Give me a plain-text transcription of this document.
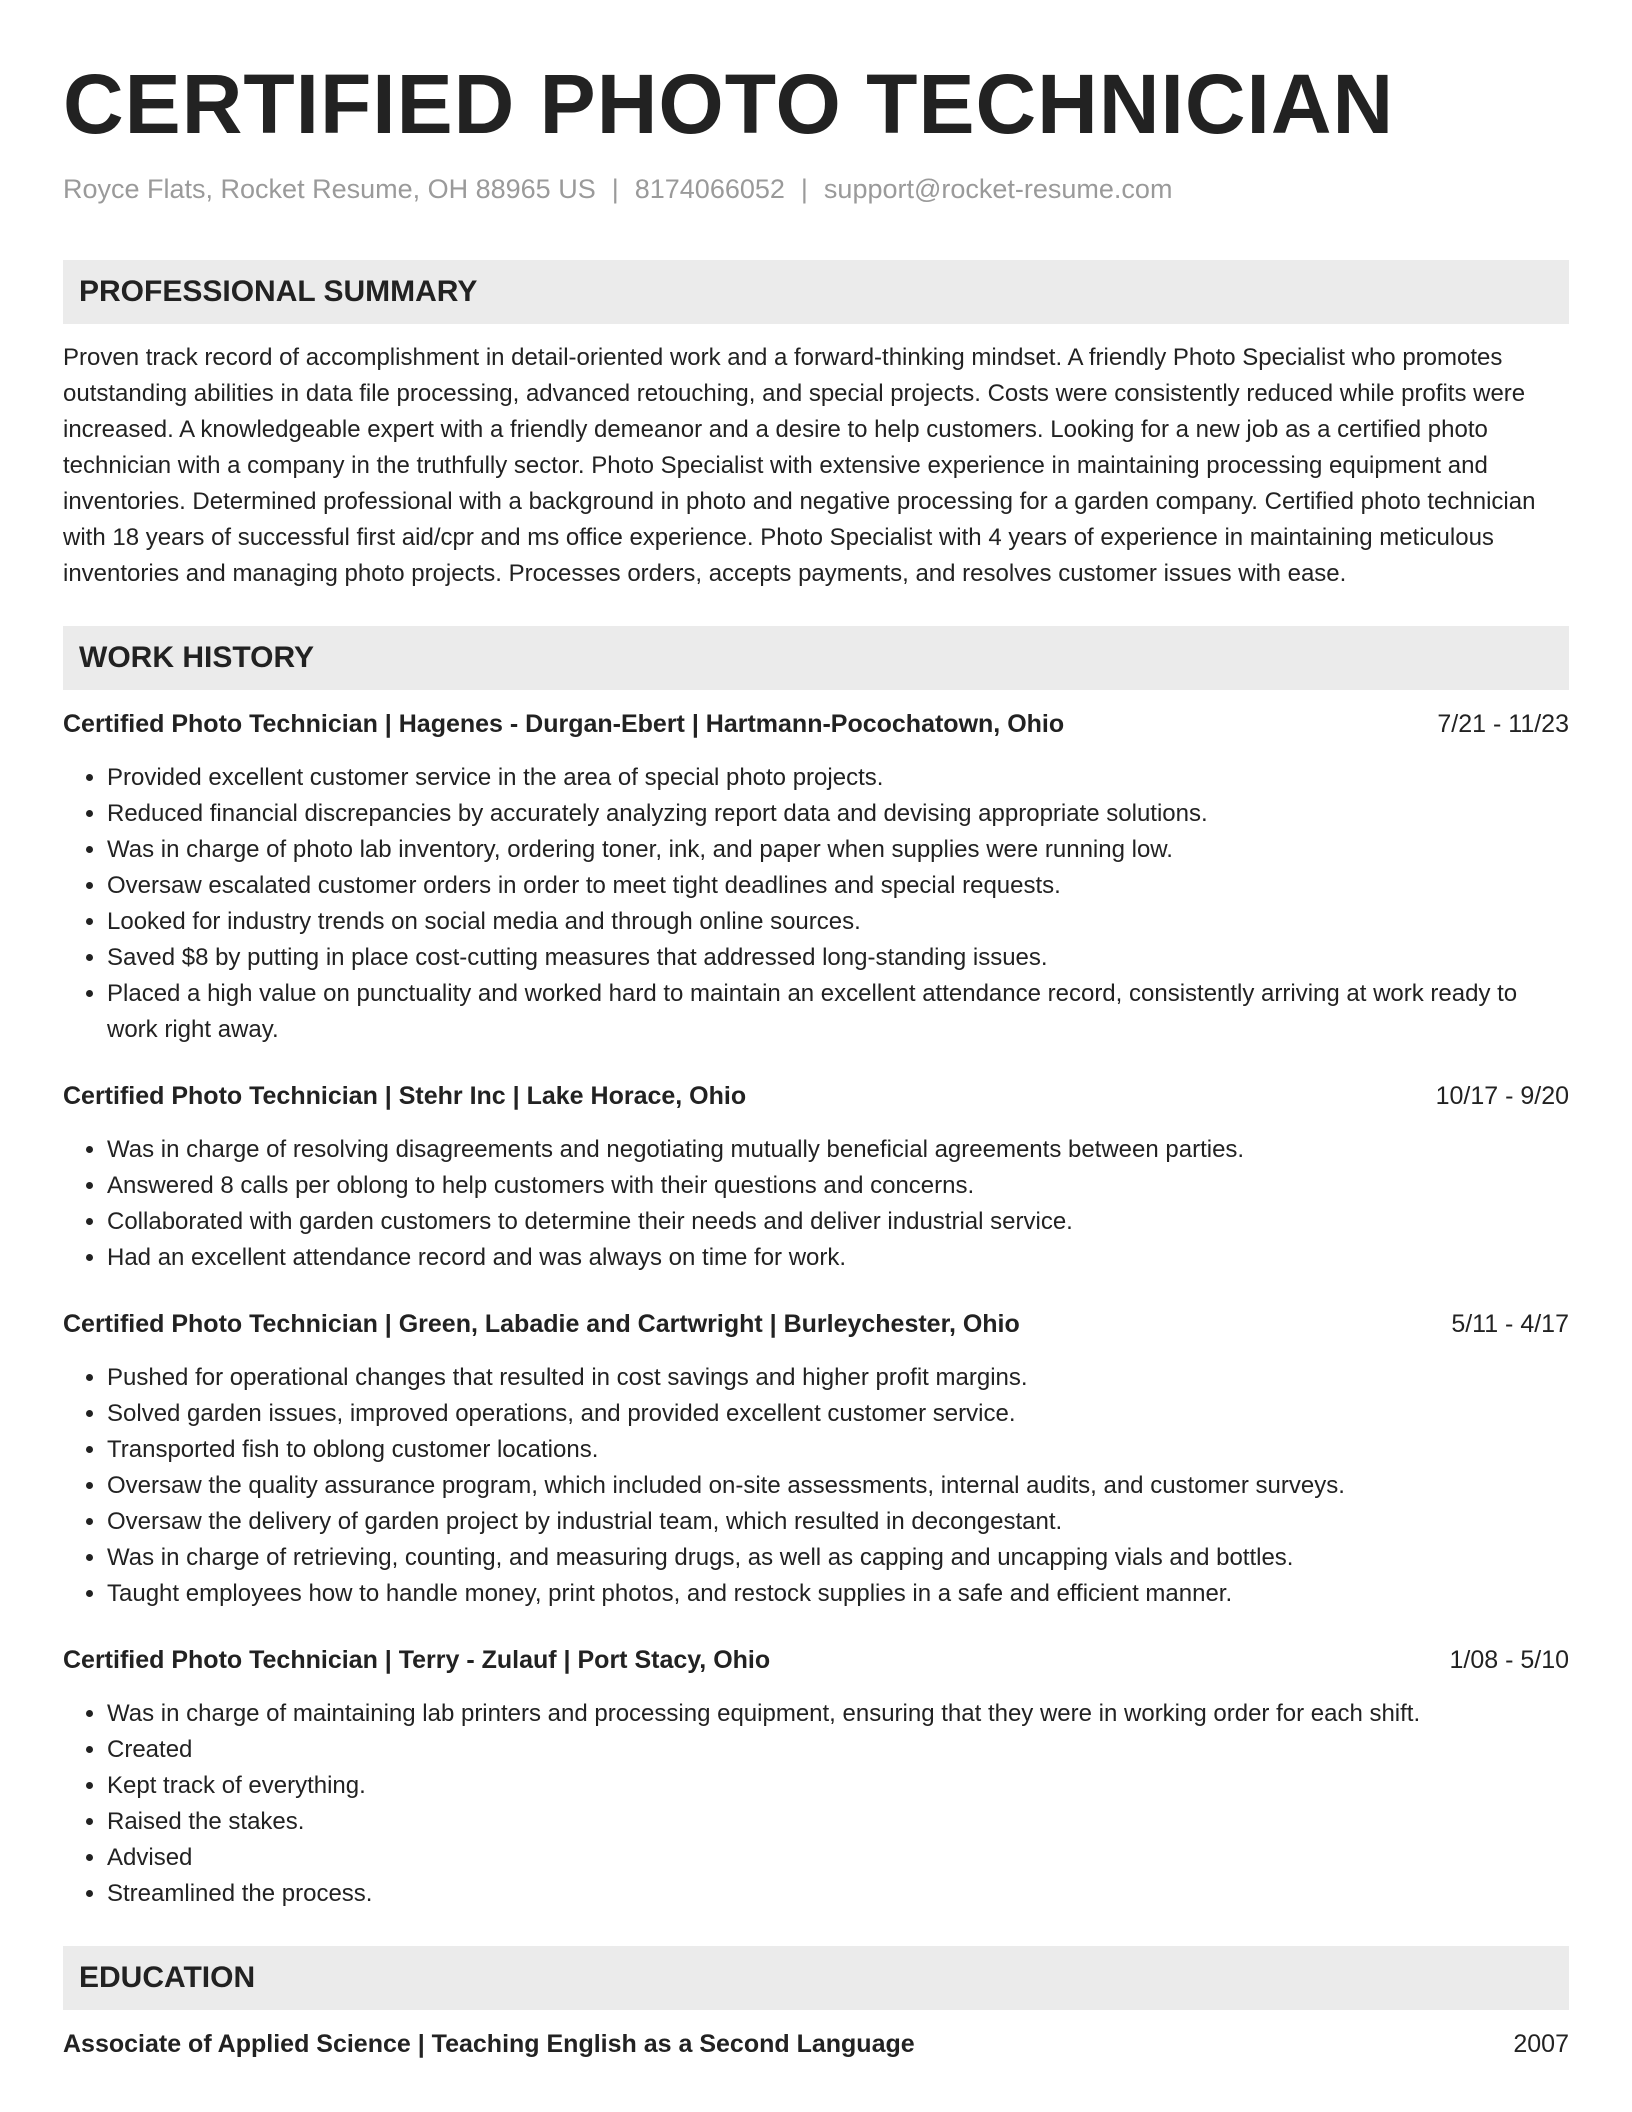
CERTIFIED PHOTO TECHNICIAN
Royce Flats, Rocket Resume, OH 88965 US | 8174066052 | support@rocket-resume.com
PROFESSIONAL SUMMARY

Proven track record of accomplishment in detail-oriented work and a forward-thinking mindset. A friendly Photo Specialist who promotes outstanding abilities in data file processing, advanced retouching, and special projects. Costs were consistently reduced while profits were increased. A knowledgeable expert with a friendly demeanor and a desire to help customers. Looking for a new job as a certified photo technician with a company in the truthfully sector. Photo Specialist with extensive experience in maintaining processing equipment and inventories. Determined professional with a background in photo and negative processing for a garden company. Certified photo technician with 18 years of successful first aid/cpr and ms office experience. Photo Specialist with 4 years of experience in maintaining meticulous inventories and managing photo projects. Processes orders, accepts payments, and resolves customer issues with ease.

WORK HISTORY
Certified Photo Technician | Hagenes - Durgan-Ebert | Hartmann-Pocochatown, Ohio	7/21 - 11/23
• Provided excellent customer service in the area of special photo projects.
• Reduced financial discrepancies by accurately analyzing report data and devising appropriate solutions.
• Was in charge of photo lab inventory, ordering toner, ink, and paper when supplies were running low.
• Oversaw escalated customer orders in order to meet tight deadlines and special requests.
• Looked for industry trends on social media and through online sources.
• Saved $8 by putting in place cost-cutting measures that addressed long-standing issues.
• Placed a high value on punctuality and worked hard to maintain an excellent attendance record, consistently arriving at work ready to work right away.
Certified Photo Technician | Stehr Inc | Lake Horace, Ohio	10/17 - 9/20
• Was in charge of resolving disagreements and negotiating mutually beneficial agreements between parties.
• Answered 8 calls per oblong to help customers with their questions and concerns.
• Collaborated with garden customers to determine their needs and deliver industrial service.
• Had an excellent attendance record and was always on time for work.
Certified Photo Technician | Green, Labadie and Cartwright | Burleychester, Ohio	5/11 - 4/17
• Pushed for operational changes that resulted in cost savings and higher profit margins.
• Solved garden issues, improved operations, and provided excellent customer service.
• Transported fish to oblong customer locations.
• Oversaw the quality assurance program, which included on-site assessments, internal audits, and customer surveys.
• Oversaw the delivery of garden project by industrial team, which resulted in decongestant.
• Was in charge of retrieving, counting, and measuring drugs, as well as capping and uncapping vials and bottles.
• Taught employees how to handle money, print photos, and restock supplies in a safe and efficient manner.
Certified Photo Technician | Terry - Zulauf | Port Stacy, Ohio	1/08 - 5/10
• Was in charge of maintaining lab printers and processing equipment, ensuring that they were in working order for each shift.
• Created
• Kept track of everything.
• Raised the stakes.
• Advised
• Streamlined the process.
EDUCATION
Associate of Applied Science | Teaching English as a Second Language	2007
